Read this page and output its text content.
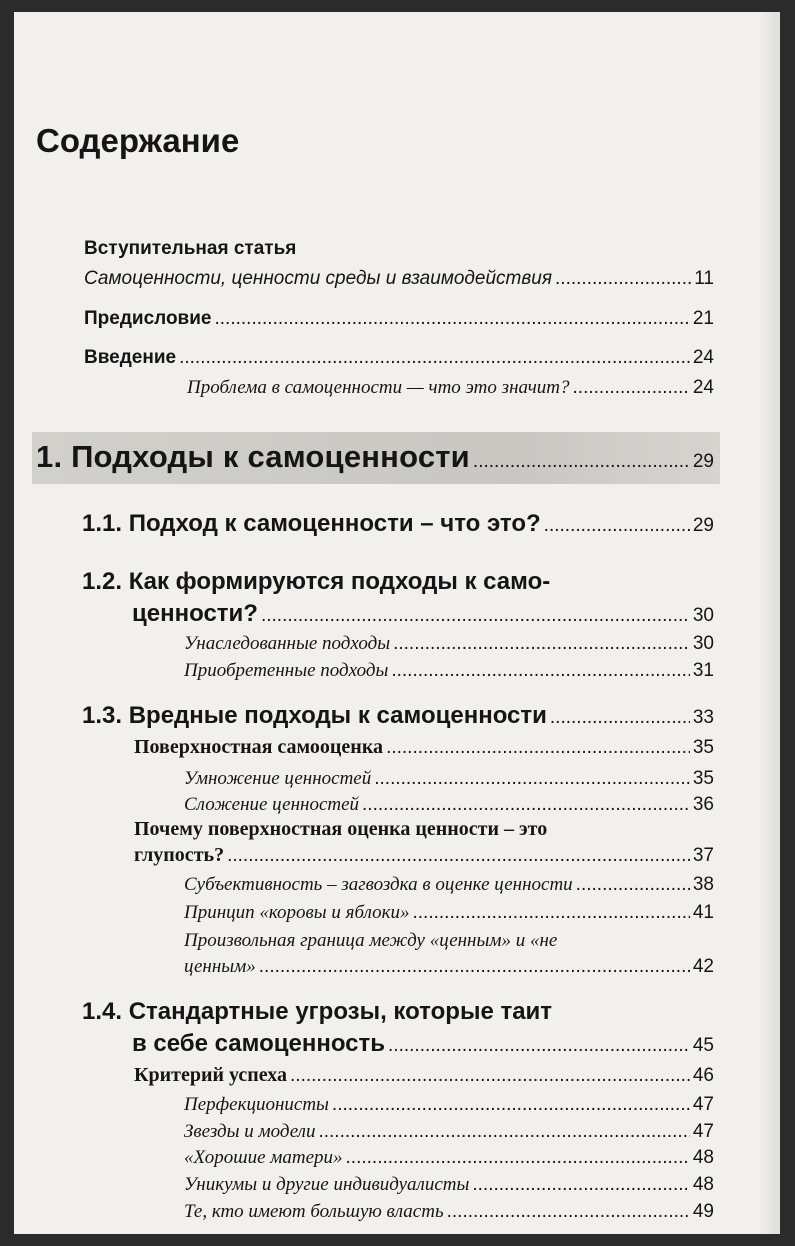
Содержание
Вступительная статья
Самоценности, ценности среды и взаимодействия .....	11
Предисловие .....	21
Введение .....	24
Проблема в самоценности — что это значит? .....	24
1. Подходы к самоценности .....	29
1.1. Подход к самоценности – что это? .....	29
1.2. Как формируются подходы к само-
ценности? .....	30
Унаследованные подходы .....	30
Приобретенные подходы .....	31
1.3. Вредные подходы к самоценности .....	33
Поверхностная самооценка .....	35
Умножение ценностей .....	35
Сложение ценностей .....	36
Почему поверхностная оценка ценности – это
глупость? .....	37
Субъективность – загвоздка в оценке ценности .....	38
Принцип «коровы и яблоки» .....	41
Произвольная граница между «ценным» и «не
ценным» .....	42
1.4. Стандартные угрозы, которые таит
в себе самоценность .....	45
Критерий успеха .....	46
Перфекционисты .....	47
Звезды и модели .....	47
«Хорошие матери» .....	48
Уникумы и другие индивидуалисты .....	48
Те, кто имеют большую власть .....	49
